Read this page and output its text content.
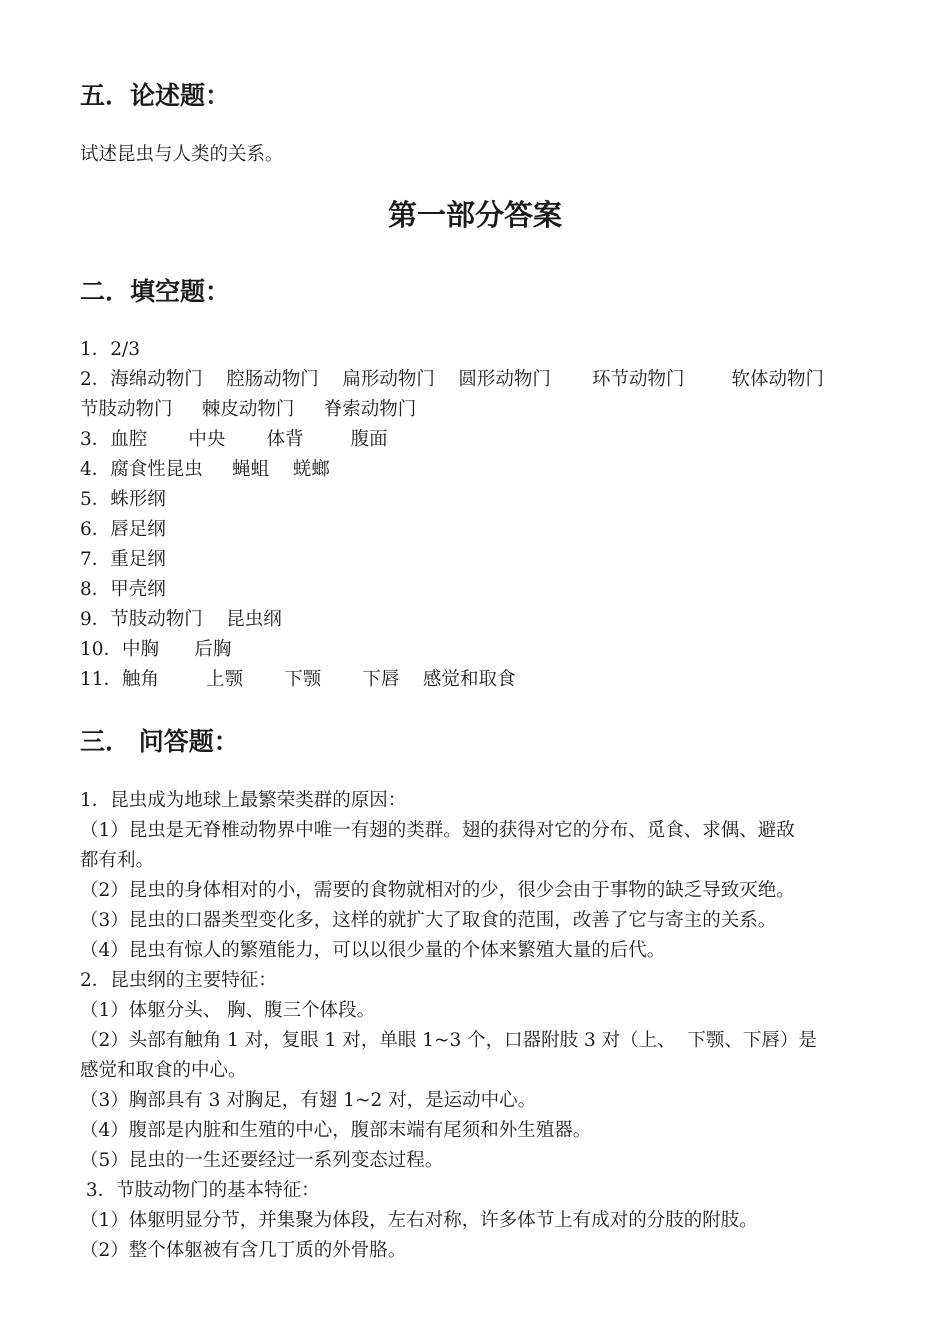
五．论述题：
试述昆虫与人类的关系。
第一部分答案
二．填空题：
1．2/3
2．海绵动物门    腔肠动物门    扁形动物门    圆形动物门       环节动物门        软体动物门
节肢动物门     棘皮动物门     脊索动物门
3．血腔       中央       体背        腹面
4．腐食性昆虫     蝇蛆    蜣螂
5．蛛形纲
6．唇足纲
7．重足纲
8．甲壳纲
9．节肢动物门    昆虫纲
10．中胸      后胸
11．触角        上颚       下颚       下唇    感觉和取食
三． 问答题：
1．昆虫成为地球上最繁荣类群的原因：
（1）昆虫是无脊椎动物界中唯一有翅的类群。翅的获得对它的分布、觅食、求偶、避敌
都有利。
（2）昆虫的身体相对的小，需要的食物就相对的少，很少会由于事物的缺乏导致灭绝。
（3）昆虫的口器类型变化多，这样的就扩大了取食的范围，改善了它与寄主的关系。
（4）昆虫有惊人的繁殖能力，可以以很少量的个体来繁殖大量的后代。
2．昆虫纲的主要特征：
（1）体躯分头、 胸、腹三个体段。
（2）头部有触角 1 对，复眼 1 对，单眼 1~3 个，口器附肢 3 对（上、  下颚、下唇）是
感觉和取食的中心。
（3）胸部具有 3 对胸足，有翅 1~2 对，是运动中心。
（4）腹部是内脏和生殖的中心，腹部末端有尾须和外生殖器。
（5）昆虫的一生还要经过一系列变态过程。
3．节肢动物门的基本特征：
（1）体躯明显分节，并集聚为体段，左右对称，许多体节上有成对的分肢的附肢。
（2）整个体躯被有含几丁质的外骨胳。
